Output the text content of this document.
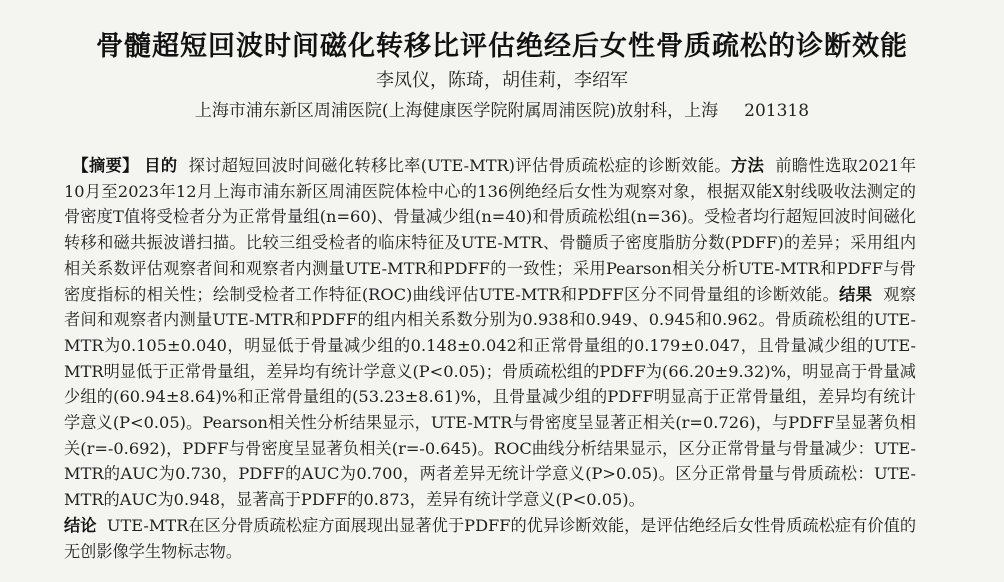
骨髓超短回波时间磁化转移比评估绝经后女性骨质疏松的诊断效能
李凤仪，陈琦，胡佳莉，李绍军
上海市浦东新区周浦医院(上海健康医学院附属周浦医院)放射科，上海 201318

【摘要】 目的 探讨超短回波时间磁化转移比率(UTE-MTR)评估骨质疏松症的诊断效能。方法 前瞻性选取2021年10月至2023年12月上海市浦东新区周浦医院体检中心的136例绝经后女性为观察对象，根据双能X射线吸收法测定的骨密度T值将受检者分为正常骨量组(n=60)、骨量减少组(n=40)和骨质疏松组(n=36)。受检者均行超短回波时间磁化转移和磁共振波谱扫描。比较三组受检者的临床特征及UTE-MTR、骨髓质子密度脂肪分数(PDFF)的差异；采用组内相关系数评估观察者间和观察者内测量UTE-MTR和PDFF的一致性；采用Pearson相关分析UTE-MTR和PDFF与骨密度指标的相关性；绘制受检者工作特征(ROC)曲线评估UTE-MTR和PDFF区分不同骨量组的诊断效能。结果 观察者间和观察者内测量UTE-MTR和PDFF的组内相关系数分别为0.938和0.949、0.945和0.962。骨质疏松组的UTE-MTR为0.105±0.040，明显低于骨量减少组的0.148±0.042和正常骨量组的0.179±0.047，且骨量减少组的UTE-MTR明显低于正常骨量组，差异均有统计学意义(P<0.05)；骨质疏松组的PDFF为(66.20±9.32)%，明显高于骨量减少组的(60.94±8.64)%和正常骨量组的(53.23±8.61)%，且骨量减少组的PDFF明显高于正常骨量组，差异均有统计学意义(P<0.05)。Pearson相关性分析结果显示，UTE-MTR与骨密度呈显著正相关(r=0.726)，与PDFF呈显著负相关(r=-0.692)，PDFF与骨密度呈显著负相关(r=-0.645)。ROC曲线分析结果显示，区分正常骨量与骨量减少：UTE-MTR的AUC为0.730，PDFF的AUC为0.700，两者差异无统计学意义(P>0.05)。区分正常骨量与骨质疏松：UTE-MTR的AUC为0.948，显著高于PDFF的0.873，差异有统计学意义(P<0.05)。

结论 UTE-MTR在区分骨质疏松症方面展现出显著优于PDFF的优异诊断效能，是评估绝经后女性骨质疏松症有价值的无创影像学生物标志物。
